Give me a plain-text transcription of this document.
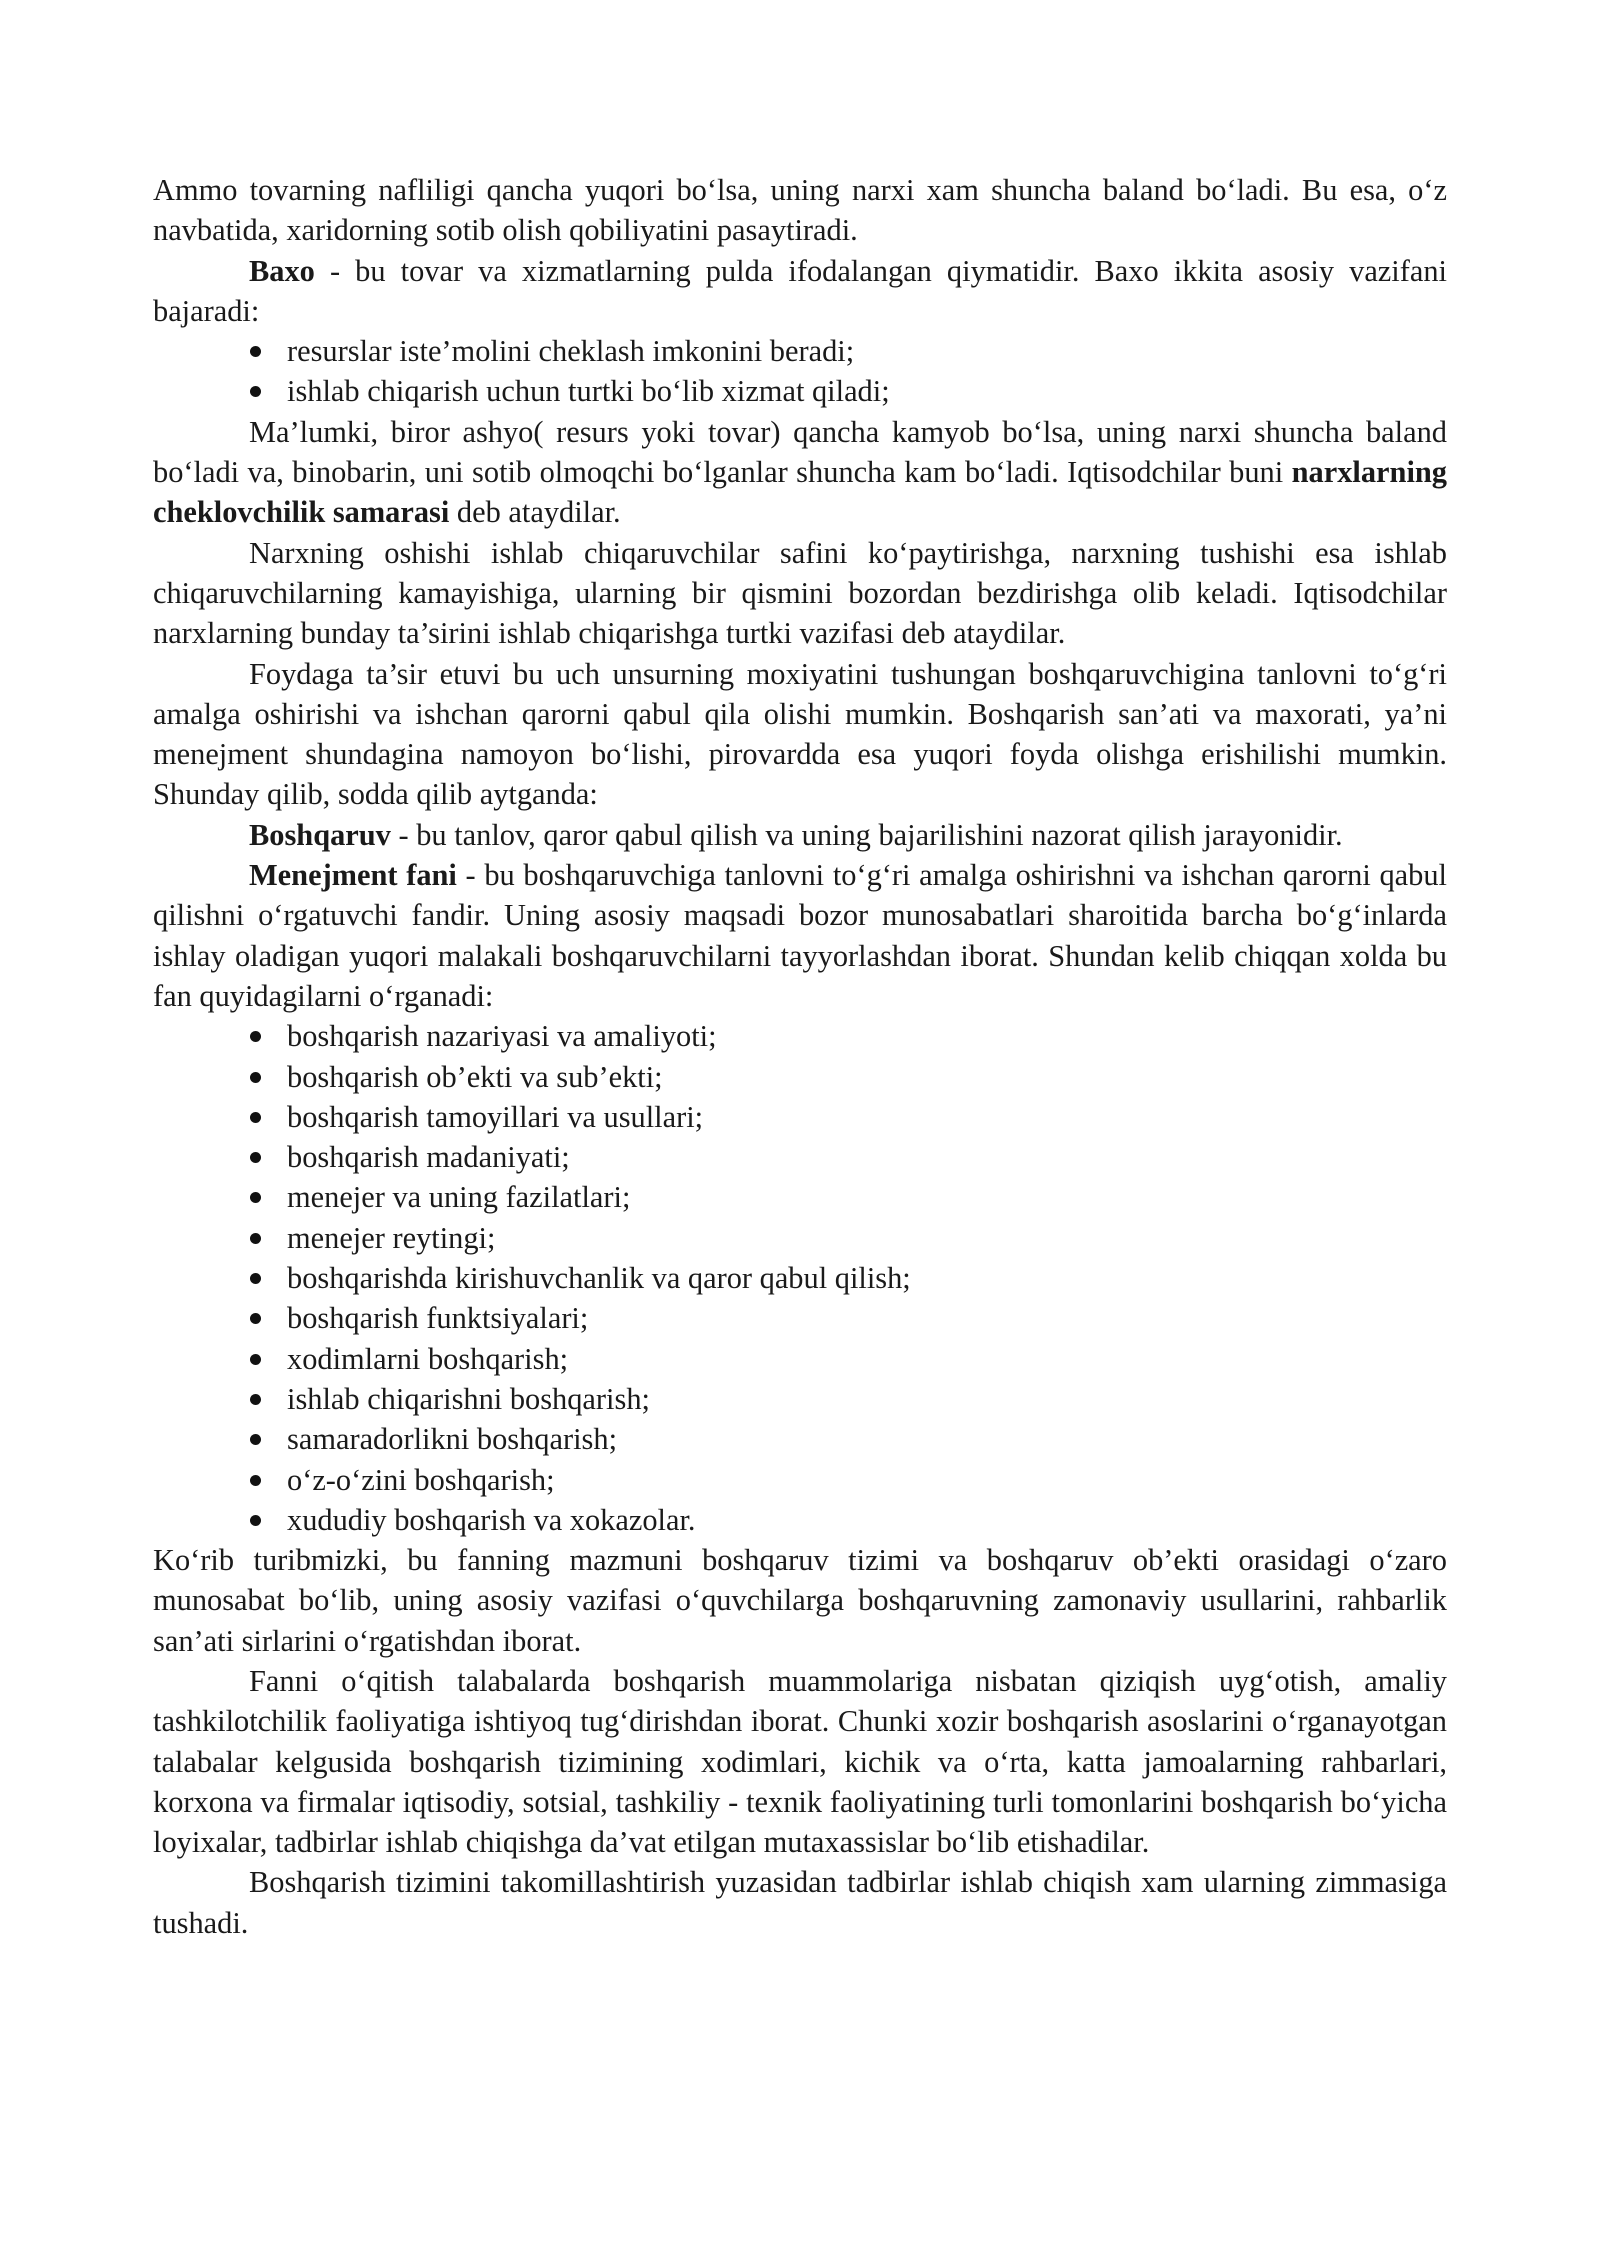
Ammo tovarning nafliligi qancha yuqori bo‘lsa, uning narxi xam shuncha baland bo‘ladi. Bu esa, o‘z navbatida, xaridorning sotib olish qobiliyatini pasaytiradi.

Baxo - bu tovar va xizmatlarning pulda ifodalangan qiymatidir. Baxo ikkita asosiy vazifani bajaradi:

resurslar iste’molini cheklash imkonini beradi;
ishlab chiqarish uchun turtki bo‘lib xizmat qiladi;

Ma’lumki, biror ashyo( resurs yoki tovar) qancha kamyob bo‘lsa, uning narxi shuncha baland bo‘ladi va, binobarin, uni sotib olmoqchi bo‘lganlar shuncha kam bo‘ladi. Iqtisodchilar buni narxlarning cheklovchilik samarasi deb ataydilar.

Narxning oshishi ishlab chiqaruvchilar safini ko‘paytirishga, narxning tushishi esa ishlab chiqaruvchilarning kamayishiga, ularning bir qismini bozordan bezdirishga olib keladi. Iqtisodchilar narxlarning bunday ta’sirini ishlab chiqarishga turtki vazifasi deb ataydilar.

Foydaga ta’sir etuvi bu uch unsurning moxiyatini tushungan boshqaruvchigina tanlovni to‘g‘ri amalga oshirishi va ishchan qarorni qabul qila olishi mumkin. Boshqarish san’ati va maxorati, ya’ni menejment shundagina namoyon bo‘lishi, pirovardda esa yuqori foyda olishga erishilishi mumkin. Shunday qilib, sodda qilib aytganda:

Boshqaruv - bu tanlov, qaror qabul qilish va uning bajarilishini nazorat qilish jarayonidir.

Menejment fani - bu boshqaruvchiga tanlovni to‘g‘ri amalga oshirishni va ishchan qarorni qabul qilishni o‘rgatuvchi fandir. Uning asosiy maqsadi bozor munosabatlari sharoitida barcha bo‘g‘inlarda ishlay oladigan yuqori malakali boshqaruvchilarni tayyorlashdan iborat. Shundan kelib chiqqan xolda bu fan quyidagilarni o‘rganadi:

boshqarish nazariyasi va amaliyoti;
boshqarish ob’ekti va sub’ekti;
boshqarish tamoyillari va usullari;
boshqarish madaniyati;
menejer va uning fazilatlari;
menejer reytingi;
boshqarishda kirishuvchanlik va qaror qabul qilish;
boshqarish funktsiyalari;
xodimlarni boshqarish;
ishlab chiqarishni boshqarish;
samaradorlikni boshqarish;
o‘z-o‘zini boshqarish;
xududiy boshqarish va xokazolar.

Ko‘rib turibmizki, bu fanning mazmuni boshqaruv tizimi va boshqaruv ob’ekti orasidagi o‘zaro munosabat bo‘lib, uning asosiy vazifasi o‘quvchilarga boshqaruvning zamonaviy usullarini, rahbarlik san’ati sirlarini o‘rgatishdan iborat.

Fanni o‘qitish talabalarda boshqarish muammolariga nisbatan qiziqish uyg‘otish, amaliy tashkilotchilik faoliyatiga ishtiyoq tug‘dirishdan iborat. Chunki xozir boshqarish asoslarini o‘rganayotgan talabalar kelgusida boshqarish tizimining xodimlari, kichik va o‘rta, katta jamoalarning rahbarlari, korxona va firmalar iqtisodiy, sotsial, tashkiliy - texnik faoliyatining turli tomonlarini boshqarish bo‘yicha loyixalar, tadbirlar ishlab chiqishga da’vat etilgan mutaxassislar bo‘lib etishadilar.

Boshqarish tizimini takomillashtirish yuzasidan tadbirlar ishlab chiqish xam ularning zimmasiga tushadi.
